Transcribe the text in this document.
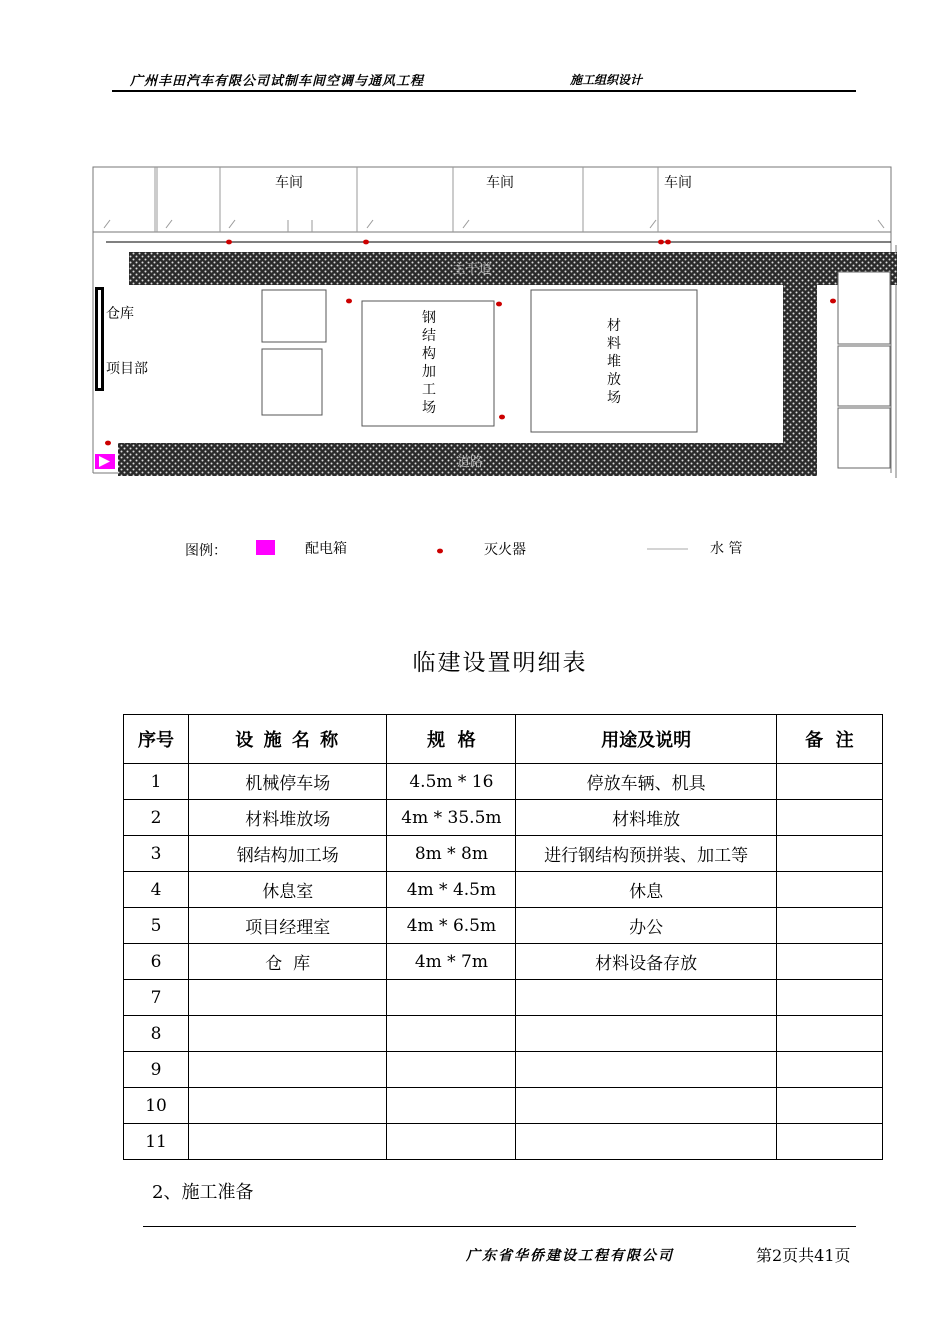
广州丰田汽车有限公司试制车间空调与通风工程	施工组织设计
车间	车间	车间
主干道
道路
仓库
项目部
钢结构加工场
材料堆放场
图例：	配电箱	灭火器	水 管
临建设置明细表
序号	设 施 名 称	规  格	用途及说明	备  注
1	机械停车场	4.5m * 16	停放车辆、机具	
2	材料堆放场	4m * 35.5m	材料堆放	
3	钢结构加工场	8m * 8m	进行钢结构预拼装、加工等	
4	休息室	4m * 4.5m	休息	
5	项目经理室	4m * 6.5m	办公	
6	仓  库	4m * 7m	材料设备存放	
7				
8				
9				
10				
11				
2、施工准备
广东省华侨建设工程有限公司	第2页共41页
